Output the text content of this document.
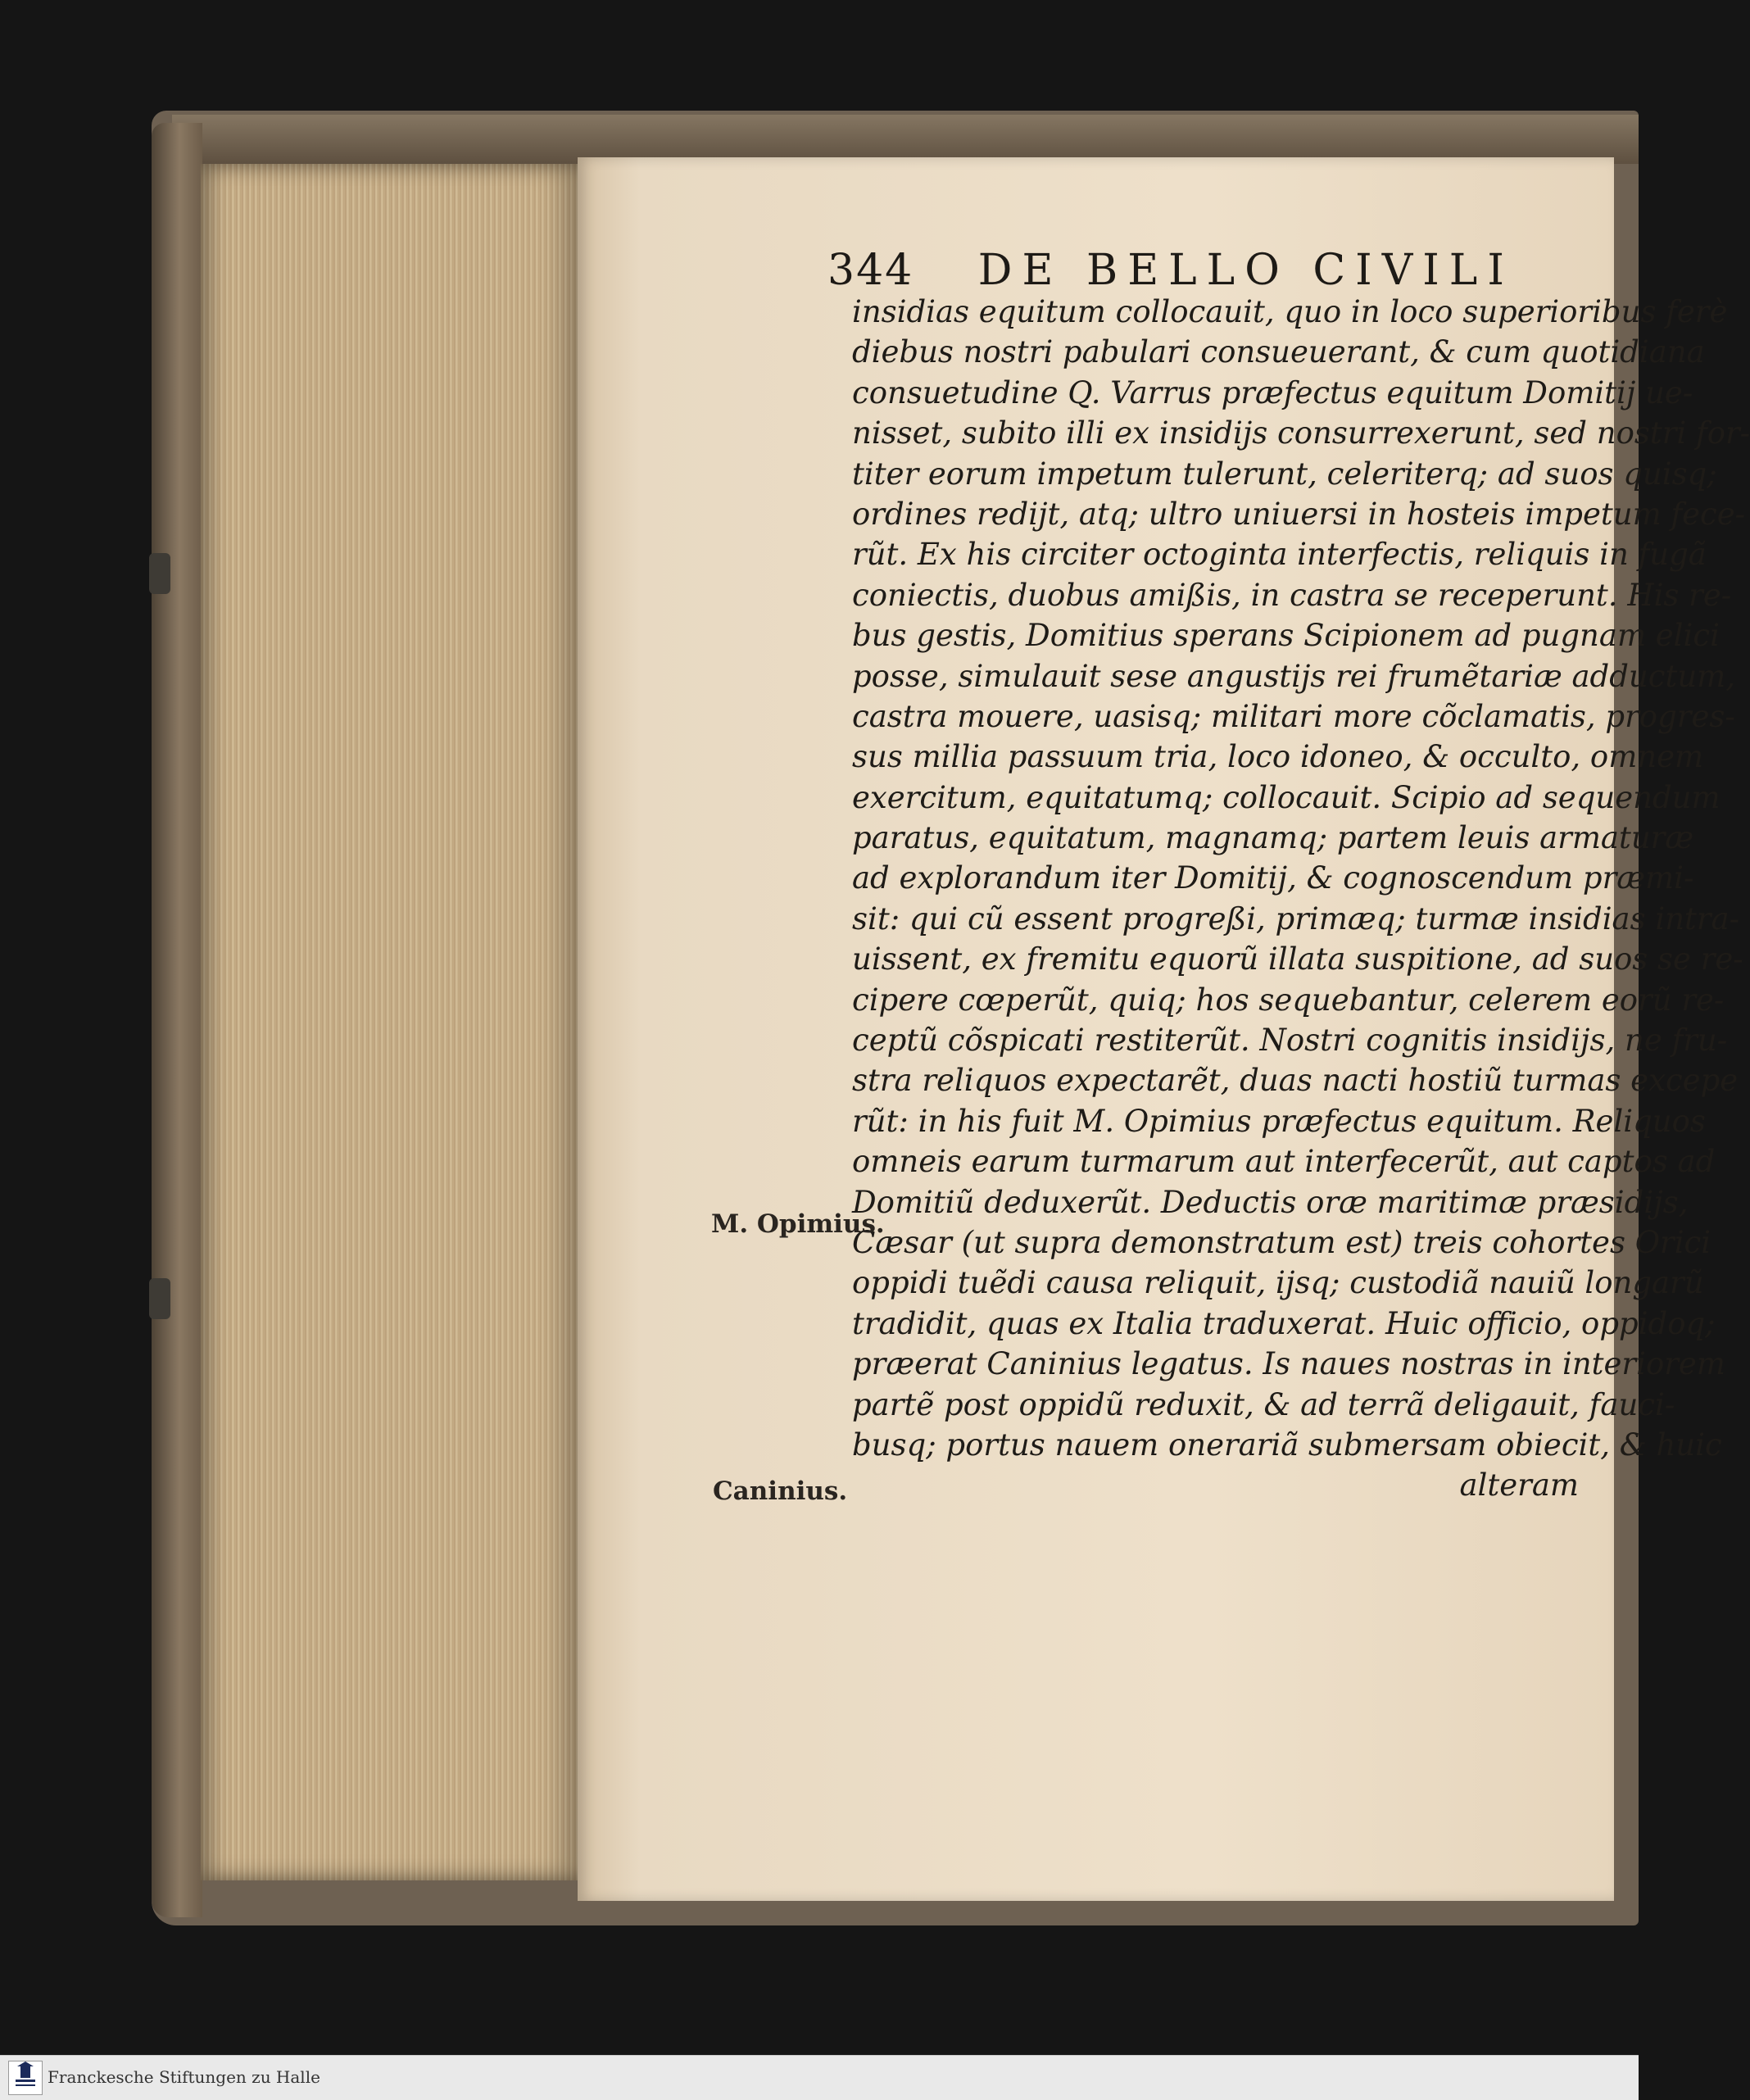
344 DE BELLO CIVILI
insidias equitum collocauit, quo in loco superioribus ferè
diebus nostri pabulari consueuerant, & cum quotidiana
consuetudine Q. Varrus præfectus equitum Domitij ue-
nisset, subito illi ex insidijs consurrexerunt, sed nostri for-
titer eorum impetum tulerunt, celeriterq; ad suos quisq;
ordines redijt, atq; ultro uniuersi in hosteis impetum fece-
rũt. Ex his circiter octoginta interfectis, reliquis in fugã
coniectis, duobus amißis, in castra se receperunt. His re-
bus gestis, Domitius sperans Scipionem ad pugnam elici
posse, simulauit sese angustijs rei frumẽtariæ adductum,
castra mouere, uasisq; militari more cõclamatis, progres-
sus millia passuum tria, loco idoneo, & occulto, omnem
exercitum, equitatumq; collocauit. Scipio ad sequendum
paratus, equitatum, magnamq; partem leuis armaturæ
ad explorandum iter Domitij, & cognoscendum præmi-
sit: qui cũ essent progreßi, primæq; turmæ insidias intra-
uissent, ex fremitu equorũ illata suspitione, ad suos se re-
cipere cœperũt, quiq; hos sequebantur, celerem eorũ re-
ceptũ cõspicati restiterũt. Nostri cognitis insidijs, ne fru-
stra reliquos expectarẽt, duas nacti hostiũ turmas excepe
rũt: in his fuit M. Opimius præfectus equitum. Reliquos
omneis earum turmarum aut interfecerũt, aut captos ad
Domitiũ deduxerũt. Deductis oræ maritimæ præsidijs,
Cæsar (ut supra demonstratum est) treis cohortes Orici
oppidi tuẽdi causa reliquit, ijsq; custodiã nauiũ longarũ
tradidit, quas ex Italia traduxerat. Huic officio, oppidoq;
præerat Caninius legatus. Is naues nostras in interiorem
partẽ post oppidũ reduxit, & ad terrã deligauit, fauci-
busq; portus nauem onerariã submersam obiecit, & huic
alteram
M. Opimius.
Caninius.
Franckesche Stiftungen zu Halle
